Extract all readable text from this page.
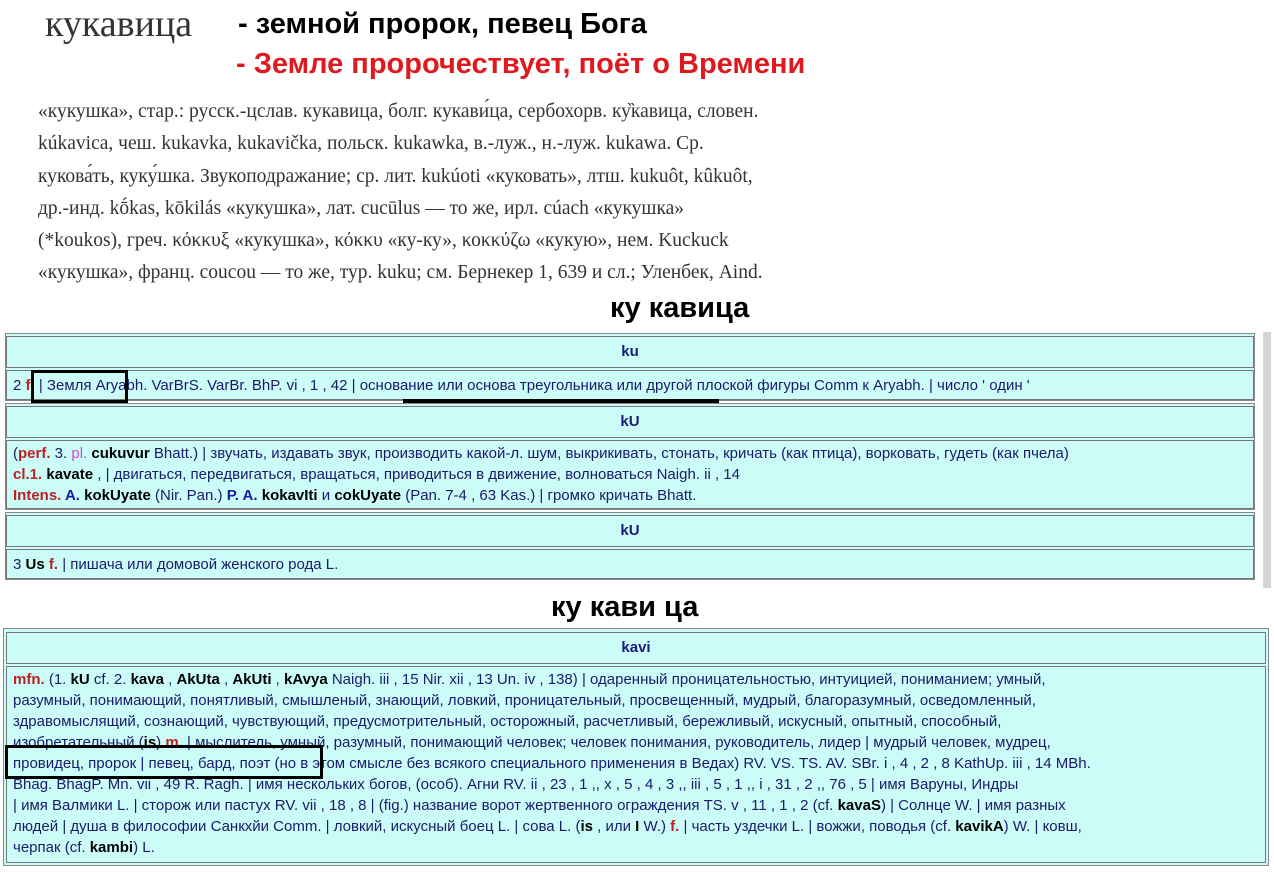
кукавица - земной пророк, певец Бога
- Земле пророчествует, поёт о Времени
«кукушка», стар.: русск.-цслав. кукавица, болг. кукави́ца, сербохорв. ку̏кавица, словен.
kúkavica, чеш. kukavka, kukavička, польск. kukawka, в.-луж., н.-луж. kukawa. Ср.
кукова́ть, куку́шка. Звукоподражание; ср. лит. kukúoti «куковать», лтш. kukuôt, kûkuôt,
др.-инд. kṓkas, kōkilás «кукушка», лат. cucūlus — то же, ирл. cúach «кукушка»
(*koukos), греч. κόκκυξ «кукушка», κόκκυ «ку-ку», κοκκύζω «кукую», нем. Kuckuck
«кукушка», франц. coucou — то же, тур. kuku; см. Бернекер 1, 639 и сл.; Уленбек, Aind.
ку кавица
ku
2 f. | Земля Aryabh. VarBrS. VarBr. BhP. vi , 1 , 42 | основание или основа треугольника или другой плоской фигуры Comm к Aryabh. | число ' один '
kU
(perf. 3. pl. cukuvur Bhatt.) | звучать, издавать звук, производить какой-л. шум, выкрикивать, стонать, кричать (как птица), ворковать, гудеть (как пчела)
cl.1. kavate , | двигаться, передвигаться, вращаться, приводиться в движение, волноваться Naigh. ii , 14
Intens. A. kokUyate (Nir. Pan.) P. A. kokavIti и cokUyate (Pan. 7-4 , 63 Kas.) | громко кричать Bhatt.
kU
3 Us f. | пишача или домовой женского рода L.
ку кави ца
kavi
mfn. (1. kU cf. 2. kava , AkUta , AkUti , kAvya Naigh. iii , 15 Nir. xii , 13 Un. iv , 138) | одаренный проницательностью, интуицией, пониманием; умный,
разумный, понимающий, понятливый, смышленый, знающий, ловкий, проницательный, просвещенный, мудрый, благоразумный, осведомленный,
здравомыслящий, сознающий, чувствующий, предусмотрительный, осторожный, расчетливый, бережливый, искусный, опытный, способный,
изобретательный (is) m. | мыслитель, умный, разумный, понимающий человек; человек понимания, руководитель, лидер | мудрый человек, мудрец,
провидец, пророк | певец, бард, поэт (но в этом смысле без всякого специального применения в Ведах) RV. VS. TS. AV. SBr. i , 4 , 2 , 8 KathUp. iii , 14 MBh.
Bhag. BhagP. Mn. vii , 49 R. Ragh. | имя нескольких богов, (особ). Агни RV. ii , 23 , 1 ,, x , 5 , 4 , 3 ,, iii , 5 , 1 ,, i , 31 , 2 ,, 76 , 5 | имя Варуны, Индры
| имя Валмики L. | сторож или пастух RV. vii , 18 , 8 | (fig.) название ворот жертвенного ограждения TS. v , 11 , 1 , 2 (cf. kavaS) | Солнце W. | имя разных
людей | душа в философии Санкхйи Comm. | ловкий, искусный боец L. | сова L. (is , или I W.) f. | часть уздечки L. | вожжи, поводья (cf. kavikA) W. | ковш,
черпак (cf. kambi) L.
